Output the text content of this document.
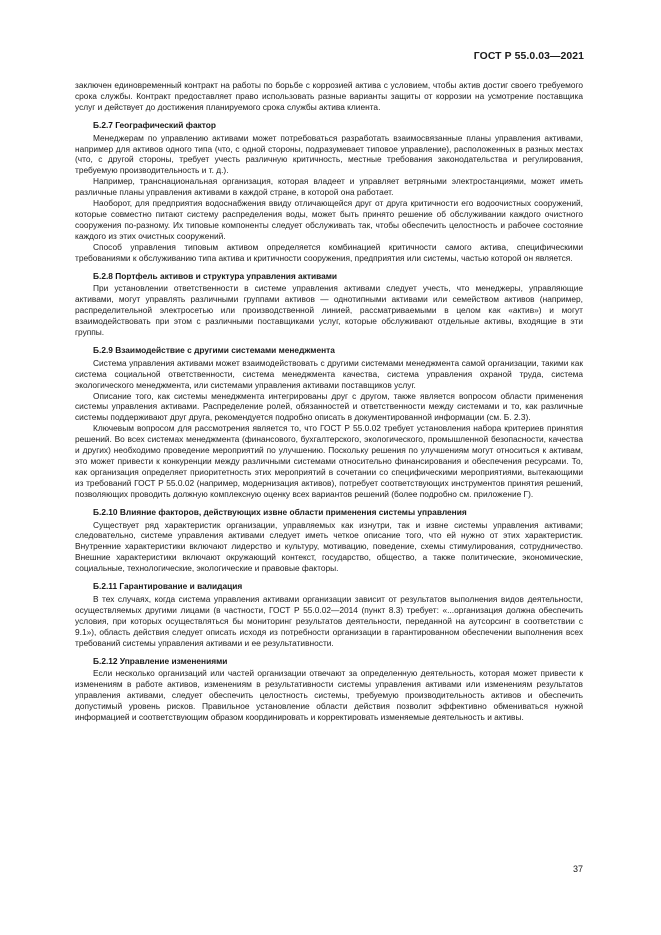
ГОСТ Р 55.0.03—2021

заключен единовременный контракт на работы по борьбе с коррозией актива с условием, чтобы актив достиг своего требуемого срока службы. Контракт предоставляет право использовать разные варианты защиты от коррозии на усмотрение поставщика услуг и действует до достижения планируемого срока службы актива клиента.

Б.2.7 Географический фактор

Менеджерам по управлению активами может потребоваться разработать взаимосвязанные планы управления активами, например для активов одного типа (что, с одной стороны, подразумевает типовое управление), расположенных в разных местах (что, с другой стороны, требует учесть различную критичность, местные требования законодательства и регулирования, требуемую производительность и т. д.).

Например, транснациональная организация, которая владеет и управляет ветряными электростанциями, может иметь различные планы управления активами в каждой стране, в которой она работает.

Наоборот, для предприятия водоснабжения ввиду отличающейся друг от друга критичности его водоочистных сооружений, которые совместно питают систему распределения воды, может быть принято решение об обслуживании каждого очистного сооружения по-разному. Их типовые компоненты следует обслуживать так, чтобы обеспечить целостность и рабочее состояние каждого из этих очистных сооружений.

Способ управления типовым активом определяется комбинацией критичности самого актива, специфическими требованиями к обслуживанию типа актива и критичности сооружения, предприятия или системы, частью которой он является.

Б.2.8 Портфель активов и структура управления активами

При установлении ответственности в системе управления активами следует учесть, что менеджеры, управляющие активами, могут управлять различными группами активов — однотипными активами или семейством активов (например, распределительной электросетью или производственной линией, рассматриваемыми в целом как «актив») и могут взаимодействовать при этом с различными поставщиками услуг, которые обслуживают отдельные активы, входящие в эти группы.

Б.2.9 Взаимодействие с другими системами менеджмента

Система управления активами может взаимодействовать с другими системами менеджмента самой организации, такими как система социальной ответственности, система менеджмента качества, система управления охраной труда, система экологического менеджмента, или системами управления активами поставщиков услуг.

Описание того, как системы менеджмента интегрированы друг с другом, также является вопросом области применения системы управления активами. Распределение ролей, обязанностей и ответственности между системами и то, как различные системы поддерживают друг друга, рекомендуется подробно описать в документированной информации (см. Б. 2.3).

Ключевым вопросом для рассмотрения является то, что ГОСТ Р 55.0.02 требует установления набора критериев принятия решений. Во всех системах менеджмента (финансового, бухгалтерского, экологического, промышленной безопасности, качества и других) необходимо проведение мероприятий по улучшению. Поскольку решения по улучшениям могут относиться к активам, это может привести к конкуренции между различными системами относительно финансирования и обеспечения ресурсами. То, как организация определяет приоритетность этих мероприятий в сочетании со специфическими мероприятиями, вытекающими из требований ГОСТ Р 55.0.02 (например, модернизация активов), потребует соответствующих инструментов принятия решений, позволяющих проводить должную комплексную оценку всех вариантов решений (более подробно см. приложение Г).

Б.2.10 Влияние факторов, действующих извне области применения системы управления

Существует ряд характеристик организации, управляемых как изнутри, так и извне системы управления активами; следовательно, системе управления активами следует иметь четкое описание того, что ей нужно от этих характеристик. Внутренние характеристики включают лидерство и культуру, мотивацию, поведение, схемы стимулирования, сотрудничество. Внешние характеристики включают окружающий контекст, государство, общество, а также политические, экономические, социальные, технологические, экологические и правовые факторы.

Б.2.11 Гарантирование и валидация

В тех случаях, когда система управления активами организации зависит от результатов выполнения видов деятельности, осуществляемых другими лицами (в частности, ГОСТ Р 55.0.02—2014 (пункт 8.3) требует: «...организация должна обеспечить условия, при которых осуществляться бы мониторинг результатов деятельности, переданной на аутсорсинг в соответствии с 9.1»), область действия следует описать исходя из потребности организации в гарантированном обеспечении выполнения всех требований системы управления активами и ее результативности.

Б.2.12 Управление изменениями

Если несколько организаций или частей организации отвечают за определенную деятельность, которая может привести к изменениям в работе активов, изменениям в результативности системы управления активами или изменениям результатов управления активами, следует обеспечить целостность системы, требуемую производительность активов и обеспечить допустимый уровень рисков. Правильное установление области действия позволит эффективно обмениваться нужной информацией и соответствующим образом координировать и корректировать изменяемые деятельность и активы.

37
